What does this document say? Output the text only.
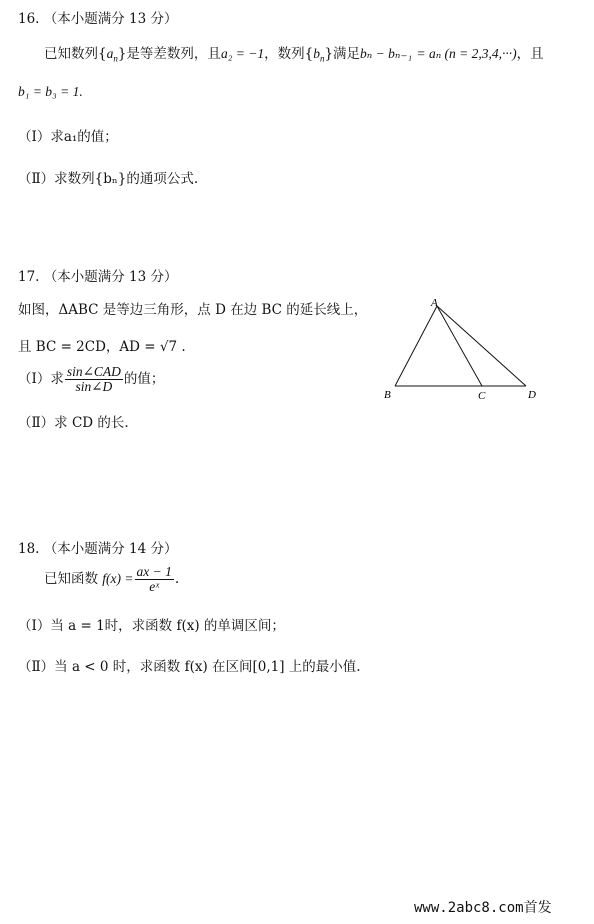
16. （本小题满分 13 分）
已知数列$\{a_n\}$是等差数列，且a₂ = −1，数列$\{b_n\}$满足bₙ − bₙ₋₁ = aₙ (n = 2,3,4,···)，且
b₁ = b₃ = 1.
（Ⅰ）求a₁的值；
（Ⅱ）求数列{bₙ}的通项公式.
17. （本小题满分 13 分）
如图，ΔABC 是等边三角形，点 D 在边 BC 的延长线上，
且 BC = 2CD，AD = √7 .
（Ⅰ）求 $\frac{\text{sin∠CAD}}{\sin\angle D}$ 的值；
（Ⅱ）求 CD 的长.
A
B	C	D
18. （本小题满分 14 分）
已知函数 $f(x) = \frac{ax - 1}{\text{eˣ}}$ .
（Ⅰ）当 a = 1时，求函数 f(x) 的单调区间；
（Ⅱ）当 a < 0 时，求函数 f(x) 在区间[0,1] 上的最小值.
www.2abc8.com首发
